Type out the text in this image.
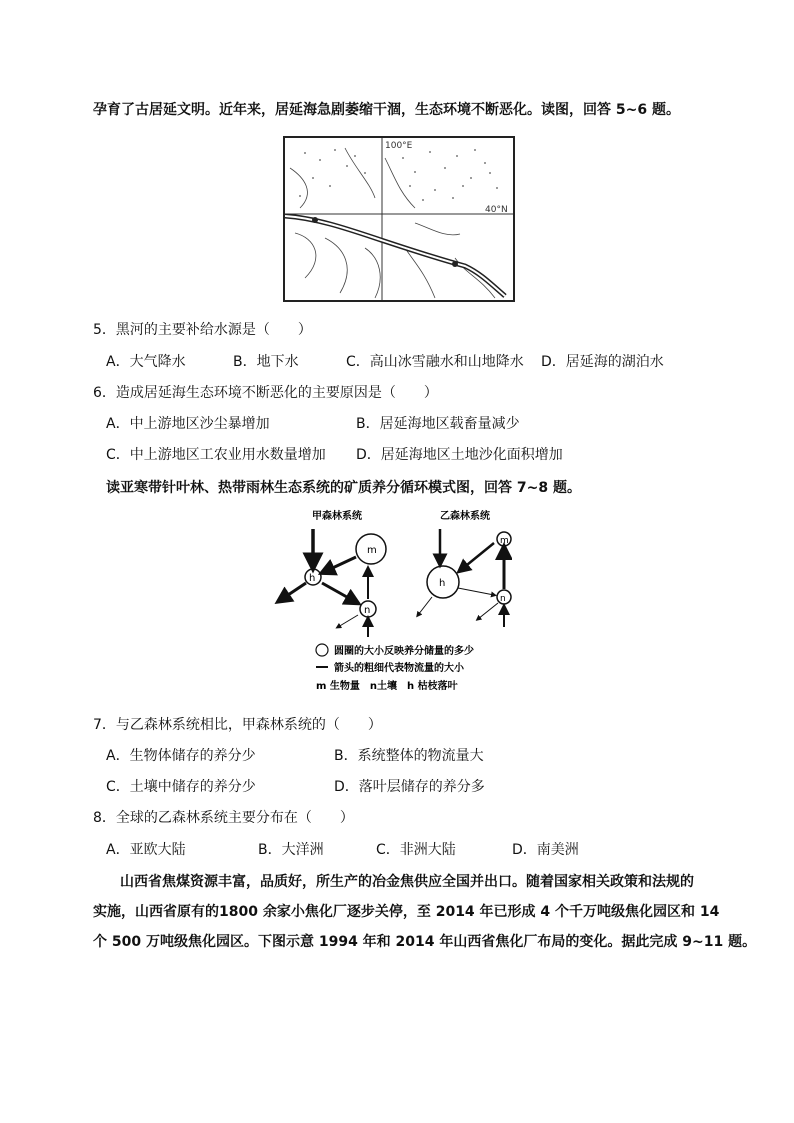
孕育了古居延文明。近年来，居延海急剧萎缩干涸，生态环境不断恶化。读图，回答 5~6 题。
100°E
40°N
5．黑河的主要补给水源是（　　）
A．大气降水	B．地下水	C．高山冰雪融水和山地降水 D．居延海的湖泊水
6．造成居延海生态环境不断恶化的主要原因是（　　）
A．中上游地区沙尘暴增加	B．居延海地区载畜量减少
C．中上游地区工农业用水数量增加 D．居延海地区土地沙化面积增加
读亚寒带针叶林、热带雨林生态系统的矿质养分循环模式图，回答 7~8 题。
甲森林系统	乙森林系统
m
h
n
h
m
n
圆圈的大小反映养分储量的多少
箭头的粗细代表物流量的大小
m 生物量　n土壤　h 枯枝落叶
7．与乙森林系统相比，甲森林系统的（　　）
A．生物体储存的养分少	B．系统整体的物流量大
C．土壤中储存的养分少	D．落叶层储存的养分多
8．全球的乙森林系统主要分布在（　　）
A．亚欧大陆	B．大洋洲	C．非洲大陆	D．南美洲
山西省焦煤资源丰富，品质好，所生产的冶金焦供应全国并出口。随着国家相关政策和法规的
实施，山西省原有的1800 余家小焦化厂逐步关停，至 2014 年已形成 4 个千万吨级焦化园区和 14
个 500 万吨级焦化园区。下图示意 1994 年和 2014 年山西省焦化厂布局的变化。据此完成 9~11 题。
